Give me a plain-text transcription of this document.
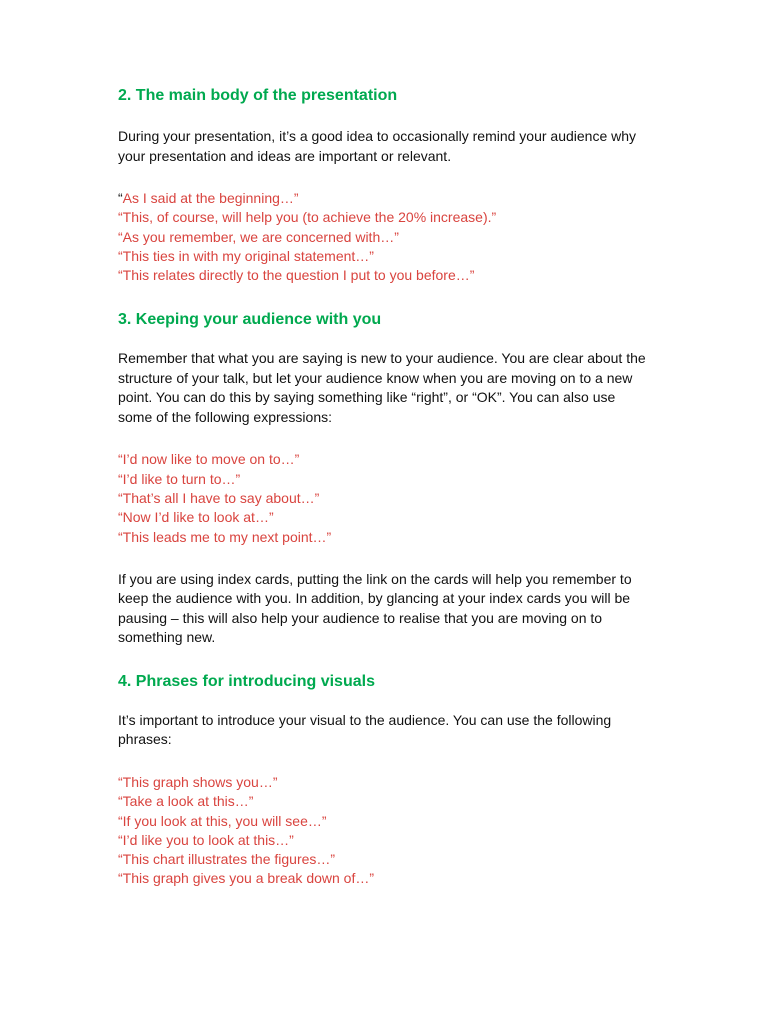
2. The main body of the presentation

During your presentation, it’s a good idea to occasionally remind your audience why your presentation and ideas are important or relevant.

“As I said at the beginning…”
“This, of course, will help you (to achieve the 20% increase).”
“As you remember, we are concerned with…”
“This ties in with my original statement…”
“This relates directly to the question I put to you before…”
3. Keeping your audience with you

Remember that what you are saying is new to your audience. You are clear about the structure of your talk, but let your audience know when you are moving on to a new point. You can do this by saying something like “right”, or “OK”. You can also use some of the following expressions:

“I’d now like to move on to…”
“I’d like to turn to…”
“That’s all I have to say about…”
“Now I’d like to look at…”
“This leads me to my next point…”

If you are using index cards, putting the link on the cards will help you remember to keep the audience with you. In addition, by glancing at your index cards you will be pausing – this will also help your audience to realise that you are moving on to something new.

4. Phrases for introducing visuals

It’s important to introduce your visual to the audience. You can use the following phrases:

“This graph shows you…”
“Take a look at this…”
“If you look at this, you will see…”
“I’d like you to look at this…”
“This chart illustrates the figures…”
“This graph gives you a break down of…”
